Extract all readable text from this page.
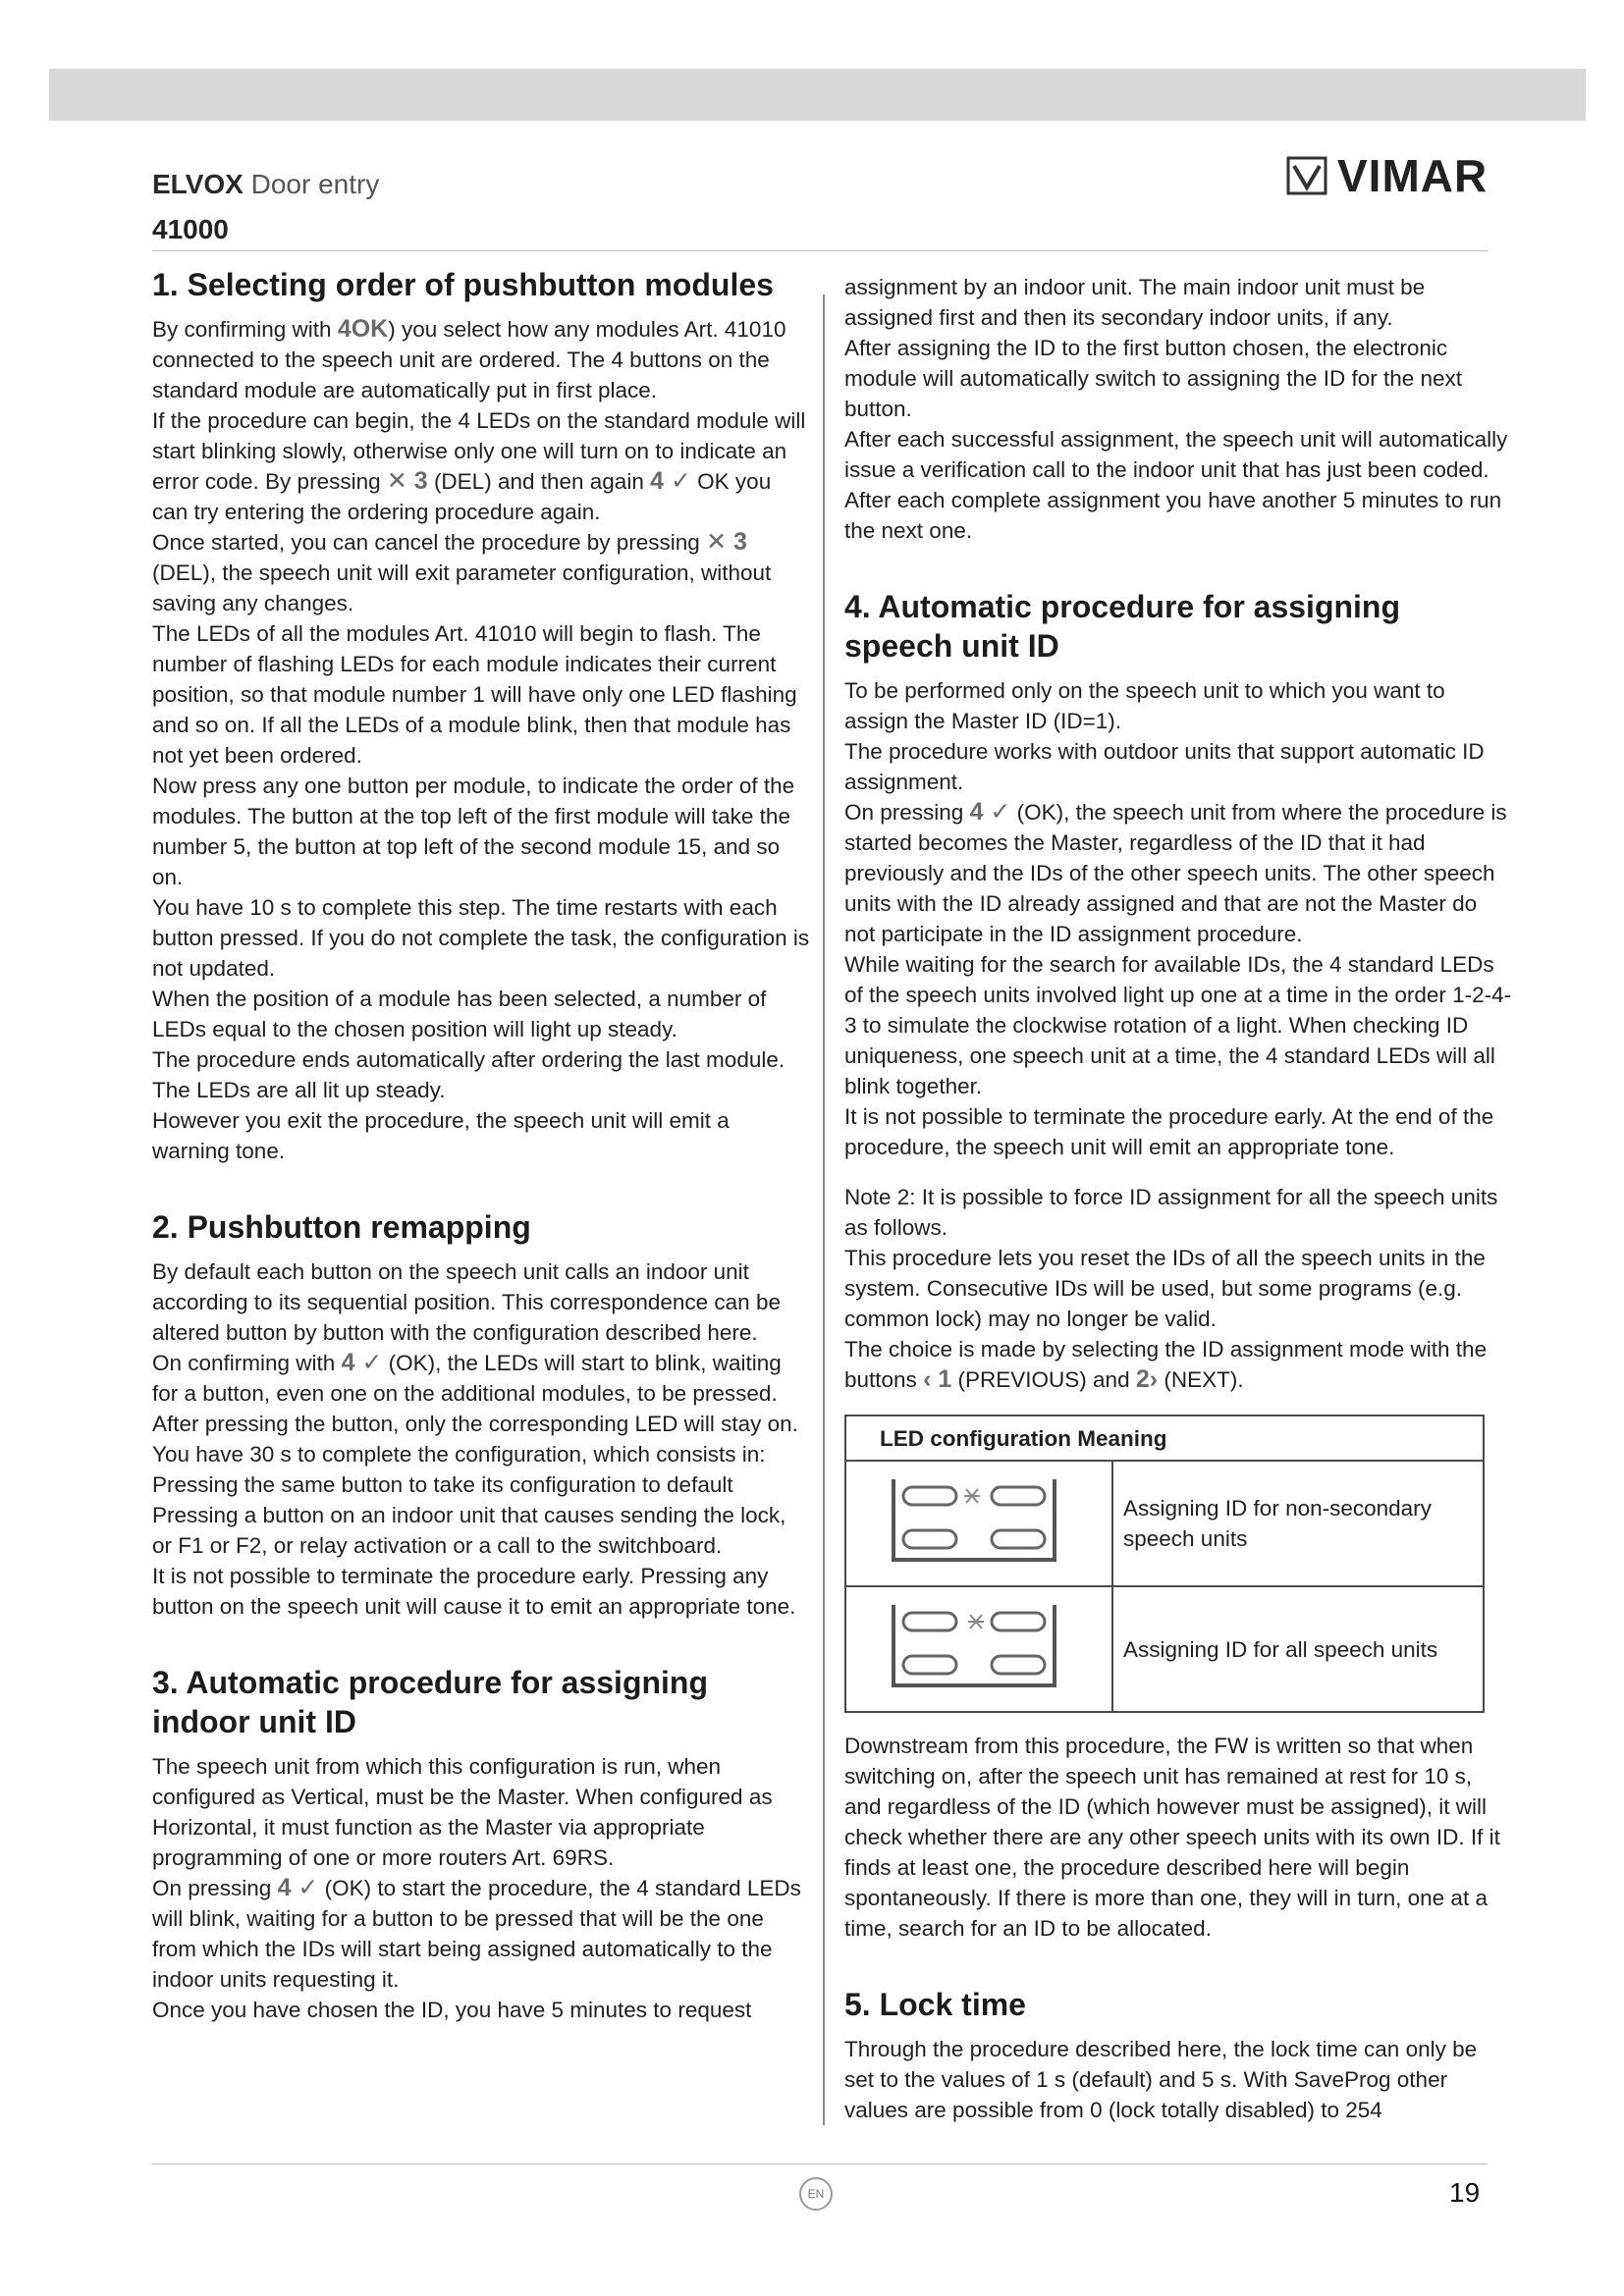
ELVOX Door entry
41000
VIMAR
1. Selecting order of pushbutton modules

By confirming with 4OK) you select how any modules Art. 41010 connected to the speech unit are ordered. The 4 buttons on the standard module are automatically put in first place.

If the procedure can begin, the 4 LEDs on the standard module will start blinking slowly, otherwise only one will turn on to indicate an error code. By pressing ✕ 3 (DEL) and then again 4 ✓ OK you can try entering the ordering procedure again.

Once started, you can cancel the procedure by pressing ✕ 3 (DEL), the speech unit will exit parameter configuration, without saving any changes.

The LEDs of all the modules Art. 41010 will begin to flash. The number of flashing LEDs for each module indicates their current position, so that module number 1 will have only one LED flashing and so on. If all the LEDs of a module blink, then that module has not yet been ordered.

Now press any one button per module, to indicate the order of the modules. The button at the top left of the first module will take the number 5, the button at top left of the second module 15, and so on.

You have 10 s to complete this step. The time restarts with each button pressed. If you do not complete the task, the configuration is not updated.

When the position of a module has been selected, a number of LEDs equal to the chosen position will light up steady.

The procedure ends automatically after ordering the last module. The LEDs are all lit up steady.

However you exit the procedure, the speech unit will emit a warning tone.

2. Pushbutton remapping

By default each button on the speech unit calls an indoor unit according to its sequential position. This correspondence can be altered button by button with the configuration described here.

On confirming with 4 ✓ (OK), the LEDs will start to blink, waiting for a button, even one on the additional modules, to be pressed. After pressing the button, only the corresponding LED will stay on. You have 30 s to complete the configuration, which consists in:

Pressing the same button to take its configuration to default

Pressing a button on an indoor unit that causes sending the lock, or F1 or F2, or relay activation or a call to the switchboard.

It is not possible to terminate the procedure early. Pressing any button on the speech unit will cause it to emit an appropriate tone.

3. Automatic procedure for assigning indoor unit ID

The speech unit from which this configuration is run, when configured as Vertical, must be the Master. When configured as Horizontal, it must function as the Master via appropriate programming of one or more routers Art. 69RS.

On pressing 4 ✓ (OK) to start the procedure, the 4 standard LEDs will blink, waiting for a button to be pressed that will be the one from which the IDs will start being assigned automatically to the indoor units requesting it.

Once you have chosen the ID, you have 5 minutes to request

assignment by an indoor unit. The main indoor unit must be assigned first and then its secondary indoor units, if any.

After assigning the ID to the first button chosen, the electronic module will automatically switch to assigning the ID for the next button.

After each successful assignment, the speech unit will automatically issue a verification call to the indoor unit that has just been coded.

After each complete assignment you have another 5 minutes to run the next one.

4. Automatic procedure for assigning speech unit ID

To be performed only on the speech unit to which you want to assign the Master ID (ID=1).

The procedure works with outdoor units that support automatic ID assignment.

On pressing 4 ✓ (OK), the speech unit from where the procedure is started becomes the Master, regardless of the ID that it had previously and the IDs of the other speech units. The other speech units with the ID already assigned and that are not the Master do not participate in the ID assignment procedure.

While waiting for the search for available IDs, the 4 standard LEDs of the speech units involved light up one at a time in the order 1-2-4-3 to simulate the clockwise rotation of a light. When checking ID uniqueness, one speech unit at a time, the 4 standard LEDs will all blink together.

It is not possible to terminate the procedure early. At the end of the procedure, the speech unit will emit an appropriate tone.

Note 2: It is possible to force ID assignment for all the speech units as follows.

This procedure lets you reset the IDs of all the speech units in the system. Consecutive IDs will be used, but some programs (e.g. common lock) may no longer be valid.

The choice is made by selecting the ID assignment mode with the buttons ‹ 1 (PREVIOUS) and 2› (NEXT).

LED configuration Meaning	
	Assigning ID for non-secondary speech units
	Assigning ID for all speech units

Downstream from this procedure, the FW is written so that when switching on, after the speech unit has remained at rest for 10 s, and regardless of the ID (which however must be assigned), it will check whether there are any other speech units with its own ID. If it finds at least one, the procedure described here will begin spontaneously. If there is more than one, they will in turn, one at a time, search for an ID to be allocated.

5. Lock time

Through the procedure described here, the lock time can only be set to the values of 1 s (default) and 5 s. With SaveProg other values are possible from 0 (lock totally disabled) to 254

EN	19
